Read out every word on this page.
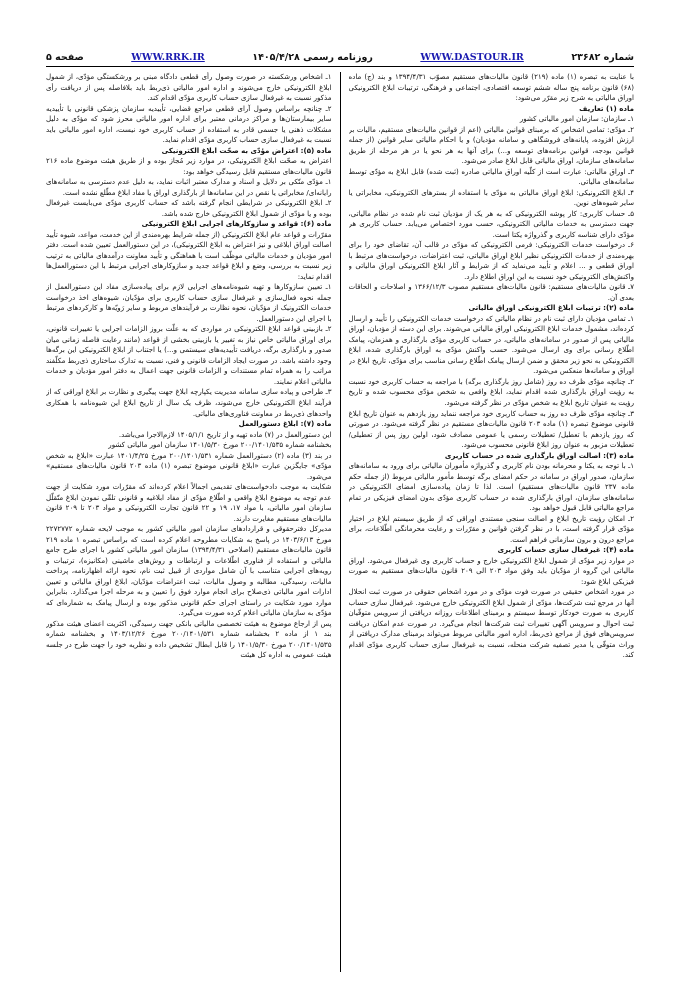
شماره ۲۳۶۸۲
WWW.DASTOUR.IR
روزنامه رسمی ۱۴۰۵/۴/۲۸
WWW.RRK.IR
صفحه ۵

با عنایت به تبصره (۱) ماده (۲۱۹) قانون مالیات‌های مستقیم مصوّب ۱۳۹۴/۴/۳۱ و بند (ج) ماده (۶۸) قانون برنامه پنج ساله ششم توسعه اقتصادی، اجتماعی و فرهنگی، ترتیبات ابلاغ الکترونیکی اوراق مالیاتی به شرح زیر مقرّر می‌شود:

ماده (۱) تعاریف

۱ـ سازمان: سازمان امور مالیاتی کشور

۲ـ مؤدّی: تمامی اشخاص که برمبنای قوانین مالیاتی (اعم از قوانین مالیات‌های مستقیم، مالیات بر ارزش افزوده، پایانه‌های فروشگاهی و سامانه مؤدیان) و یا احکام مالیاتی سایر قوانین (از جمله قوانین بودجه، قوانین برنامه‌های توسعه و...) برای آنها به هر نحو یا در هر مرحله از طریق سامانه‌های سازمان، اوراق مالیاتی قابل ابلاغ صادر می‌شود.

۳ـ اوراق مالیاتی: عبارت است از کلّیه اوراق مالیاتی صادره (ثبت شده) قابل ابلاغ به مؤدّی توسط سامانه‌های مالیاتی.

۴ـ ابلاغ الکترونیکی: ابلاغ اوراق مالیاتی به مؤدّی با استفاده از بسترهای الکترونیکی، مخابراتی یا سایر شیوه‌های نوین.

۵ـ حساب کاربری: کار پوشه الکترونیکی که به هر یک از مؤدیان ثبت نام شده در نظام مالیاتی، جهت دسترسی به خدمات مالیاتی الکترونیکی، حسب مورد اختصاص می‌یابد. حساب کاربری هر مؤدّی دارای شناسه کاربری و گذرواژه یکتا است.

۶ـ درخواست خدمات الکترونیکی: فرمی الکترونیکی که مؤدّی در قالب آن، تقاضای خود را برای بهره‌مندی از خدمات الکترونیکی نظیر ابلاغ اوراق مالیاتی، ثبت اعتراضات، درخواست‌های مرتبط با اوراق قطعی و ... اعلام و تأیید می‌نماید که از شرایط و آثار ابلاغ الکترونیکی اوراق مالیاتی و واکنش‌های الکترونیکی خود نسبت به این اوراق اطلاع دارد.

۷ـ قانون مالیات‌های مستقیم: قانون مالیات‌های مستقیم مصوب ۱۳۶۶/۱۲/۳ و اصلاحات و الحاقات بعدی آن.

ماده (۲): ترتیبات ابلاغ الکترونیکی اوراق مالیاتی

۱ـ تمامی مؤدیان دارای ثبت نام در نظام مالیاتی که درخواست خدمات الکترونیکی را تأیید و ارسال کرده‌اند، مشمول خدمات ابلاغ الکترونیکی اوراق مالیاتی می‌شوند. برای این دسته از مؤدیان، اوراق مالیاتی پس از صدور در سامانه‌های مالیاتی، در حساب کاربری مؤدّی بارگذاری و همزمان، پیامک اطّلاع رسانی برای وی ارسال می‌شود. حسب واکنش مؤدّی به اوراق بارگذاری شده، ابلاغ الکترونیکی به نحو زیر محقق و ضمن ارسال پیامک اطّلاع رسانی مناسب برای مؤدّی، تاریخ ابلاغ در اوراق و سامانه‌ها منعکس می‌شود.

۲ـ چنانچه مؤدّی ظرف ده روز (شامل روز بارگذاری برگه) با مراجعه به حساب کاربری خود نسبت به رؤیت اوراق بارگذاری شده اقدام نماید، ابلاغ واقعی به شخص مؤدّی محسوب شده و تاریخ رؤیت به عنوان تاریخ ابلاغ به شخص مؤدّی در نظر گرفته می‌شود.

۳ـ چنانچه مؤدّی ظرف ده روز به حساب کاربری خود مراجعه ننماید روز یازدهم به عنوان تاریخ ابلاغ قانونی موضوع تبصره (۱) ماده ۲۰۳ قانون مالیات‌های مستقیم در نظر گرفته می‌شود. در صورتی که روز یازدهم با تعطیل/ تعطیلات رسمی یا عمومی مصادف شود، اولین روز پس از تعطیلی/تعطیلات مزبور به عنوان روز ابلاغ قانونی محسوب می‌شود.

ماده (۳): اصالت اوراق بارگذاری شده در حساب کاربری

۱ـ با توجه به یکتا و محرمانه بودن نام کاربری و گذرواژه مأموران مالیاتی برای ورود به سامانه‌های سازمان، صدور اوراق در سامانه در حکم امضای برگه توسط مأمور مالیاتی مربوط (از جمله حکم ماده ۲۳۷ قانون مالیات‌های مستقیم) است. لذا تا زمان پیاده‌سازی امضای الکترونیکی در سامانه‌های سازمان، اوراق بارگذاری شده در حساب کاربری مؤدّی بدون امضای فیزیکی در تمام مراجع مالیاتی قابل قبول خواهد بود.

۲ـ امکان رؤیت تاریخ ابلاغ و اصالت سنجی مستندی اوراقی که از طریق سیستم ابلاغ در اختیار مؤدّی قرار گرفته است، با در نظر گرفتن قوانین و مقرّرات و رعایت محرمانگی اطّلاعات، برای مراجع درون و برون سازمانی فراهم است.

ماده (۴): غیرفعال سازی حساب کاربری

در موارد زیر مؤدّی از شمول ابلاغ الکترونیکی خارج و حساب کاربری وی غیرفعال می‌شود. اوراق مالیاتی این گروه از مؤدّیان باید وفق مواد ۲۰۳ الی ۲۰۹ قانون مالیات‌های مستقیم به صورت فیزیکی ابلاغ شود:

در مورد اشخاص حقیقی در صورت فوت مؤدّی و در مورد اشخاص حقوقی در صورت ثبت انحلال آنها در مرجع ثبت شرکت‌ها، مؤدّی از شمول ابلاغ الکترونیکی خارج می‌شود. غیرفعال سازی حساب کاربری به صورت خودکار توسط سیستم و برمبنای اطلاعات روزانه دریافتی از سرویس متوفّیان ثبت احوال و سرویس آگهی تغییرات ثبت شرکت‌ها انجام می‌گیرد. در صورت عدم امکان دریافت سرویس‌های فوق از مراجع ذی‌ربط، اداره امور مالیاتی مربوط می‌تواند برمبنای مدارک دریافتی از وراث متوفّی یا مدیر تصفیه شرکت منحله، نسبت به غیرفعال سازی حساب کاربری مؤدّی اقدام کند.

۱ـ اشخاص ورشکسته در صورت وصول رأی قطعی دادگاه مبنی بر ورشکستگی مؤدّی، از شمول ابلاغ الکترونیکی خارج می‌شوند و اداره امور مالیاتی ذی‌ربط باید بلافاصله پس از دریافت رأی مذکور نسبت به غیرفعال سازی حساب کاربری مؤدّی اقدام کند.

۲ـ چنانچه براساس وصول آرای قطعی مراجع قضایی، تأییدیه سازمان پزشکی قانونی یا تأییدیه سایر بیمارستان‌ها و مراکز درمانی معتبر برای اداره امور مالیاتی محرز شود که مؤدّی به دلیل مشکلات ذهنی یا جسمی قادر به استفاده از حساب کاربری خود نیست، اداره امور مالیاتی باید نسبت به غیرفعال سازی حساب کاربری مؤدّی اقدام نماید.

ماده (۵): اعتراض مؤدّی به صحّت ابلاغ الکترونیکی

اعتراض به صحّت ابلاغ الکترونیکی، در موارد زیر مُجاز بوده و از طریق هیئت موضوع ماده ۲۱۶ قانون مالیات‌های مستقیم قابل رسیدگی خواهد بود:

۱ـ مؤدّی متّکی بر دلایل و اسناد و مدارک معتبر اثبات نماید، به دلیل عدم دسترسی به سامانه‌های رایانه‌ای/ مخابراتی یا نقص در این سامانه‌ها از بارگذاری اوراق یا مفاد ابلاغ مطّلع نشده است.

۲ـ ابلاغ الکترونیکی در شرایطی انجام گرفته باشد که حساب کاربری مؤدّی می‌بایست غیرفعال بوده و یا مؤدّی از شمول ابلاغ الکترونیکی خارج شده باشد.

ماده (۶): قواعد و سازوکارهای اجرایی ابلاغ الکترونیکی

مقرّرات و قواعد عام ابلاغ الکترونیکی (از جمله شرایط بهره‌مندی از این خدمت، مواعد، شیوه تأیید اصالت اوراق ابلاغی و نیز اعتراض به ابلاغ الکترونیکی)، در این دستورالعمل تعیین شده است. دفتر امور مؤدیان و خدمات مالیاتی موظّف است با هماهنگی و تأیید معاونت درآمدهای مالیاتی به ترتیب زیر نسبت به بررسی، وضع و ابلاغ قواعد جدید و سازوکارهای اجرایی مرتبط با این دستورالعمل‌ها اقدام نماید:

۱ـ تعیین سازوکارها و تهیه شیوه‌نامه‌های اجرایی لازم برای پیاده‌سازی مفاد این دستورالعمل از جمله نحوه فعال‌سازی و غیرفعال سازی حساب کاربری برای مؤدّیان، شیوه‌های اخذ درخواست خدمات الکترونیک از مؤدّیان، نحوه نظارت بر فرآیندهای مربوط و سایر رَویّه‌ها و کارکردهای مرتبط با اجرای این دستورالعمل.

۲ـ بازبینی قواعد ابلاغ الکترونیکی در مواردی که به علّت بروز الزامات اجرایی یا تغییرات قانونی، برای اوراق مالیاتی خاص نیاز به تغییر یا بازبینی بخشی از قواعد (مانند رعایت فاصله زمانی میان صدور و بارگذاری برگه، دریافت تأییدیه‌های سیستمی و...) یا اجتناب از ابلاغ الکترونیکی این برگه‌ها وجود داشته باشد. در صورت ایجاد الزامات قانونی و فنی، نسبت به تدارک ساختاری ذی‌ربط مکلّفند مراتب را به همراه تمام مستندات و الزامات قانونی جهت اعمال به دفتر امور مؤدیان و خدمات مالیاتی اعلام نمایند.

۳ـ طراحی و پیاده سازی سامانه مدیریت یکپارچه ابلاغ جهت پیگیری و نظارت بر ابلاغ اوراقی که از فرآیند ابلاغ الکترونیکی خارج می‌شوند، ظرف یک سال از تاریخ ابلاغ این شیوه‌نامه با همکاری واحدهای ذی‌ربط در معاونت فناوری‌های مالیاتی.

ماده (۷): ابلاغ دستورالعمل

این دستورالعمل در (۷) ماده تهیه و از تاریخ ۱۴۰۵/۱/۱ لازم‌الاجرا می‌باشد.

بخشنامه شماره ۲۰۰/۱۴۰۱/۵۳۵ مورخ ۱۴۰۱/۵/۳۰ سازمان امور مالیاتی کشور

در بند (۳) ماده (۲) دستورالعمل شماره ۲۰۰/۱۴۰۱/۵۳۱ مورخ ۱۴۰۱/۴/۲۵ عبارت «ابلاغ به شخص مؤدّی» جایگزین عبارت «ابلاغ قانونی موضوع تبصره (۱) ماده ۲۰۳ قانون مالیات‌های مستقیم» می‌شود.

شکایت به موجب دادخواست‌های تقدیمی اجمالاً اعلام کرده‌اند که مقرّرات مورد شکایت از جهت عدم توجه به موضوع ابلاغ واقعی و اطّلاع مؤدّی از مفاد ابلاغیه و قانونی تلقّی نمودن ابلاغ متّقلّل سازمان امور مالیاتی، با مواد ۱۷، ۱۹ و ۲۲ قانون تجارت الکترونیکی و مواد ۲۰۳ تا ۲۰۹ قانون مالیات‌های مستقیم مغایرت دارند.

مدیرکل دفترحقوقی و قراردادهای سازمان امور مالیاتی کشور به موجب لایحه شماره ۲۲۷۲۷۷۲ مورخ ۱۴۰۳/۶/۱۳ در پاسخ به شکایات مطروحه اعلام کرده است که براساس تبصره ۱ ماده ۲۱۹ قانون مالیات‌های مستقیم (اصلاحی ۱۳۹۴/۴/۳۱) سازمان امور مالیاتی کشور با اجرای طرح جامع مالیاتی و استفاده از فناوری اطّلاعات و ارتباطات و روش‌های ماشینی (مکانیزه)، ترتیبات و رویه‌های اجرایی متناسب با آن شامل مواردی از قبیل ثبت نام، نحوه ارائه اظهارنامه، پرداخت مالیات، رسیدگی، مطالبه و وصول مالیات، ثبت اعتراضات مؤدّیان، ابلاغ اوراق مالیاتی و تعیین ادارات امور مالیاتی ذی‌صلاح برای انجام موارد فوق را تعیین و به مرحله اجرا می‌گذارد. بنابراین موارد مورد شکایت در راستای اجرای حکم قانونی مذکور بوده و ارسال پیامک به شماره‌ای که مؤدّی به سازمان مالیاتی اعلام کرده صورت می‌گیرد.

پس از ارجاع موضوع به هیئت تخصصی مالیاتی بانکی جهت رسیدگی، اکثریت اعضای هیئت مذکور بند ۱ از ماده ۲ بخشنامه شماره ۲۰۰/۱۴۰۱/۵۳۱ مورخ ۱۴۰۳/۱۲/۲۶ و بخشنامه شماره ۲۰۰/۱۴۰۱/۵۳۵ مورخ ۱۴۰۱/۵/۳۰ را قابل ابطال تشخیص داده و نظریه خود را جهت طرح در جلسه هیئت عمومی به اداره کل هیئت
